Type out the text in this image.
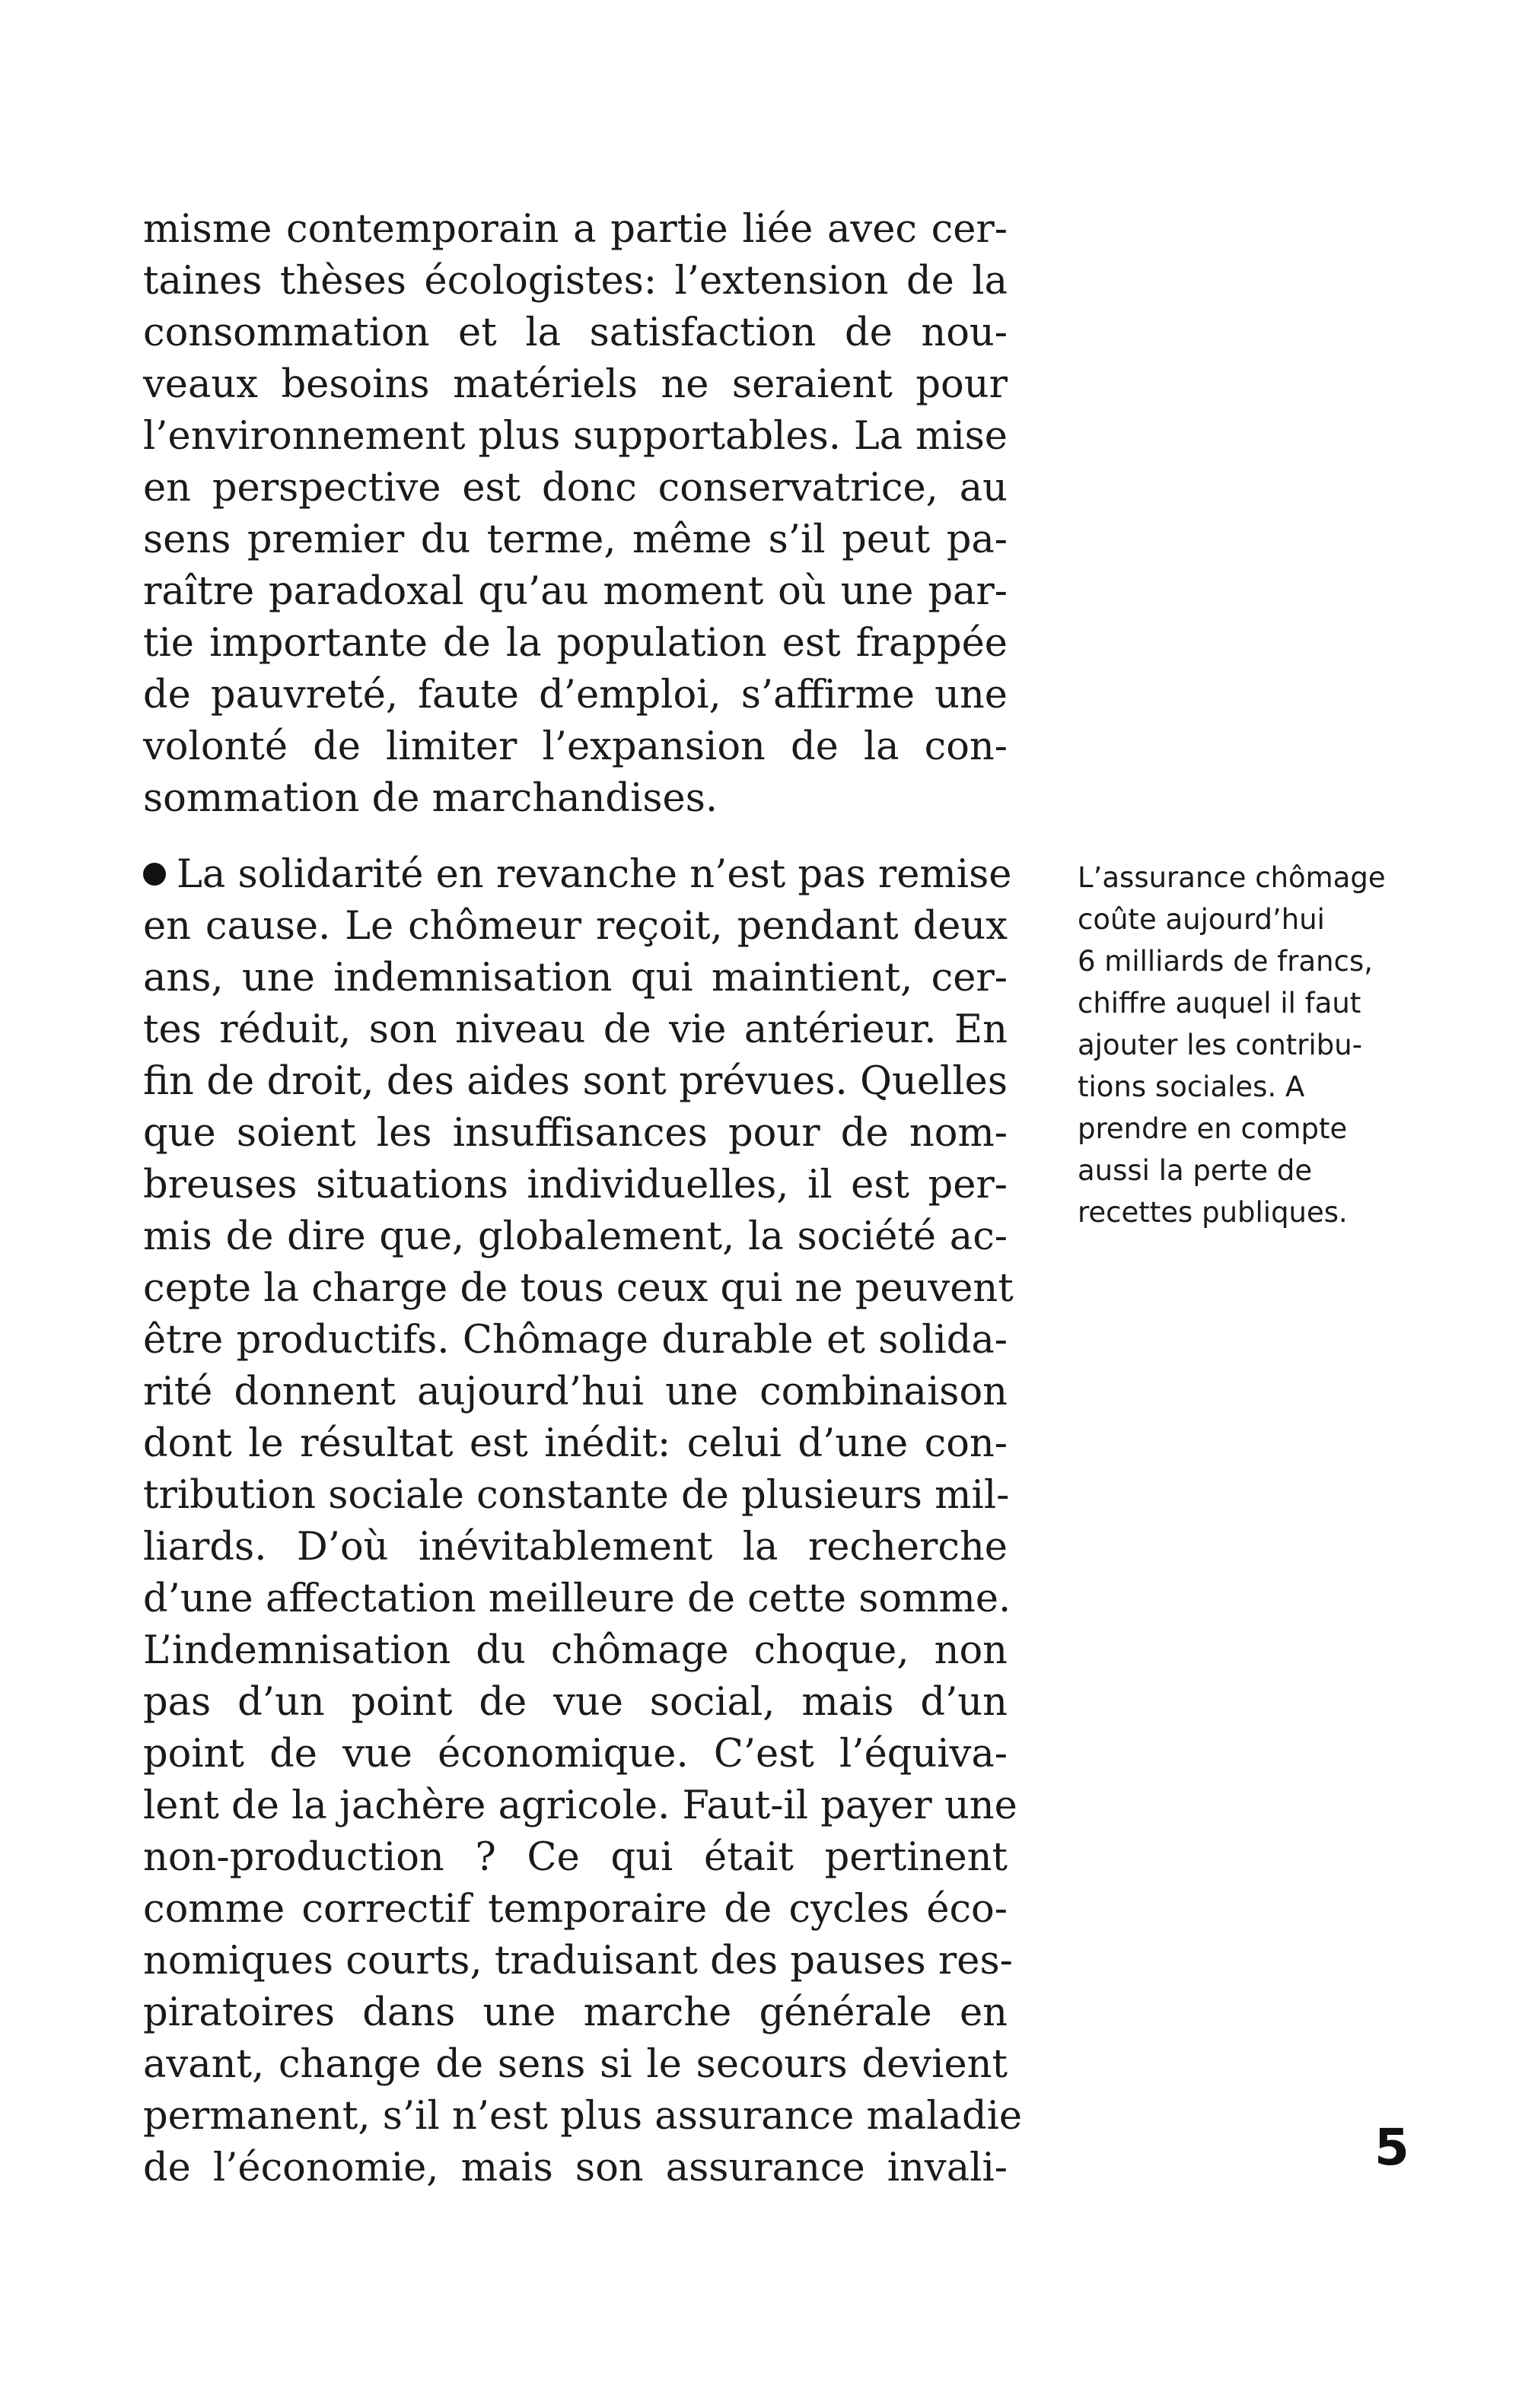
misme contemporain a partie liée avec cer-
taines thèses écologistes: l’extension de la
consommation et la satisfaction de nou-
veaux besoins matériels ne seraient pour
l’environnement plus supportables. La mise
en perspective est donc conservatrice, au
sens premier du terme, même s’il peut pa-
raître paradoxal qu’au moment où une par-
tie importante de la population est frappée
de pauvreté, faute d’emploi, s’affirme une
volonté de limiter l’expansion de la con-
sommation de marchandises.
La solidarité en revanche n’est pas remise
en cause. Le chômeur reçoit, pendant deux
ans, une indemnisation qui maintient, cer-
tes réduit, son niveau de vie antérieur. En
fin de droit, des aides sont prévues. Quelles
que soient les insuffisances pour de nom-
breuses situations individuelles, il est per-
mis de dire que, globalement, la société ac-
cepte la charge de tous ceux qui ne peuvent
être productifs. Chômage durable et solida-
rité donnent aujourd’hui une combinaison
dont le résultat est inédit: celui d’une con-
tribution sociale constante de plusieurs mil-
liards. D’où inévitablement la recherche
d’une affectation meilleure de cette somme.
L’indemnisation du chômage choque, non
pas d’un point de vue social, mais d’un
point de vue économique. C’est l’équiva-
lent de la jachère agricole. Faut-il payer une
non-production ? Ce qui était pertinent
comme correctif temporaire de cycles éco-
nomiques courts, traduisant des pauses res-
piratoires dans une marche générale en
avant, change de sens si le secours devient
permanent, s’il n’est plus assurance maladie
de l’économie, mais son assurance invali-
L’assurance chômage
coûte aujourd’hui
6 milliards de francs,
chiffre auquel il faut
ajouter les contribu-
tions sociales. A
prendre en compte
aussi la perte de
recettes publiques.
5
